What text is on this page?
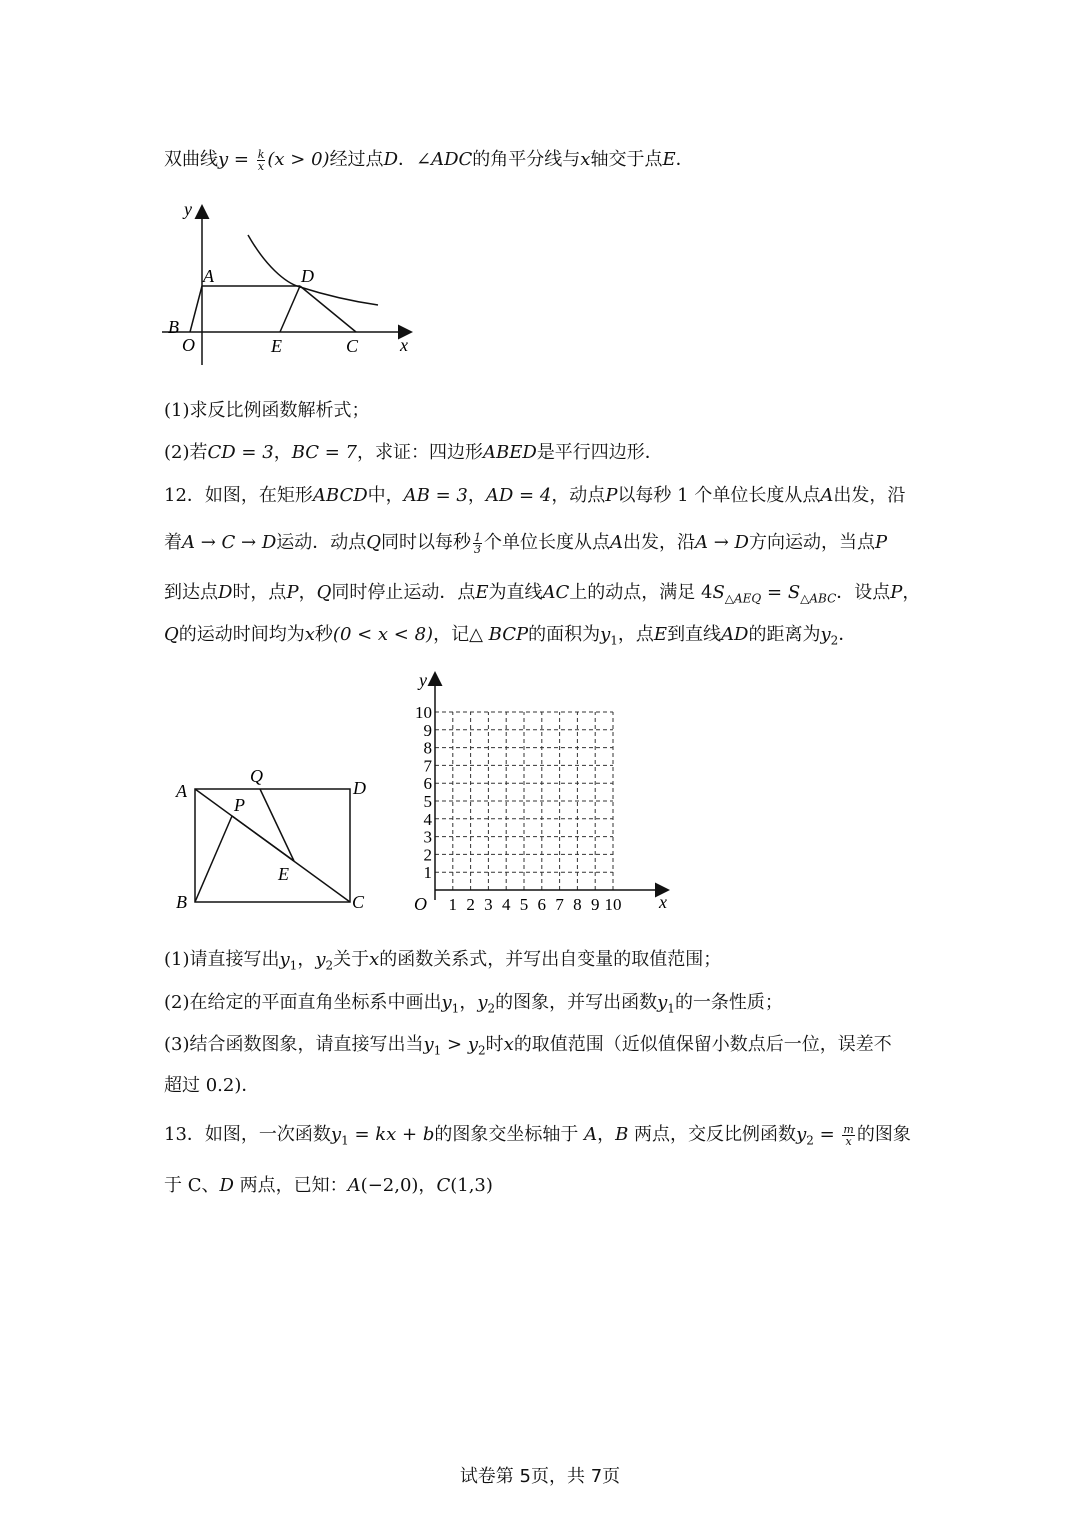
双曲线$y = \frac{k}{x} (x > 0)$经过点D．∠ADC的角平分线与x轴交于点E．
y
A	D
B
O	E	C x
(1)求反比例函数解析式；
(2)若CD = 3，BC = 7，求证：四边形ABED是平行四边形．
12．如图，在矩形ABCD中，AB = 3，AD = 4，动点P以每秒 1 个单位长度从点A出发，沿
着A → C → D运动．动点Q同时以每秒 $\frac{1}{3}$ 个单位长度从点A出发，沿A → D方向运动，当点P
到达点D时，点P，Q同时停止运动．点E为直线AC上的动点，满足 $4S_{\triangle AEQ} = S_{\triangle ABC}$．设点P，
Q的运动时间均为x秒(0 < x < 8)，记△ BCP的面积为$y_1$，点E到直线AD的距离为$y_2$．
A
Q
D
P
E
B	C
y
x
O 1 2 3 4 5 6 7 8 9 10
1
2
3
4
5
6
7
8
9
10
(1)请直接写出$y_1$，$y_2$关于x的函数关系式，并写出自变量的取值范围；
(2)在给定的平面直角坐标系中画出$y_1$，$y_2$的图象，并写出函数$y_1$的一条性质；
(3)结合函数图象，请直接写出当$y_1 > y_2$时x的取值范围（近似值保留小数点后一位，误差不
超过 0.2)．
13．如图，一次函数$y_1$ = kx + b的图象交坐标轴于 A，B 两点，交反比例函数$y_2 = \frac{m}{x}$ 的图象
于 C、D 两点，已知：A(−2,0)，C(1,3)
试卷第 5页，共 7页
